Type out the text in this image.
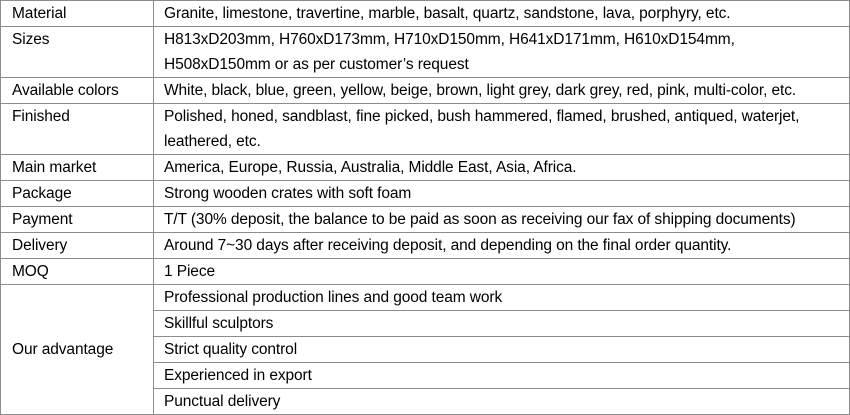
Material	Granite, limestone, travertine, marble, basalt, quartz, sandstone, lava, porphyry, etc.
Sizes	H813xD203mm, H760xD173mm, H710xD150mm, H641xD171mm, H610xD154mm, H508xD150mm or as per customer’s request
Available colors	White, black, blue, green, yellow, beige, brown, light grey, dark grey, red, pink, multi-color, etc.
Finished	Polished, honed, sandblast, fine picked, bush hammered, flamed, brushed, antiqued, waterjet, leathered, etc.
Main market	America, Europe, Russia, Australia, Middle East, Asia, Africa.
Package	Strong wooden crates with soft foam
Payment	T/T (30% deposit, the balance to be paid as soon as receiving our fax of shipping documents)
Delivery	Around 7~30 days after receiving deposit, and depending on the final order quantity.
MOQ	1 Piece
Our advantage	Professional production lines and good team work
	Skillful sculptors
	Strict quality control
	Experienced in export
	Punctual delivery
